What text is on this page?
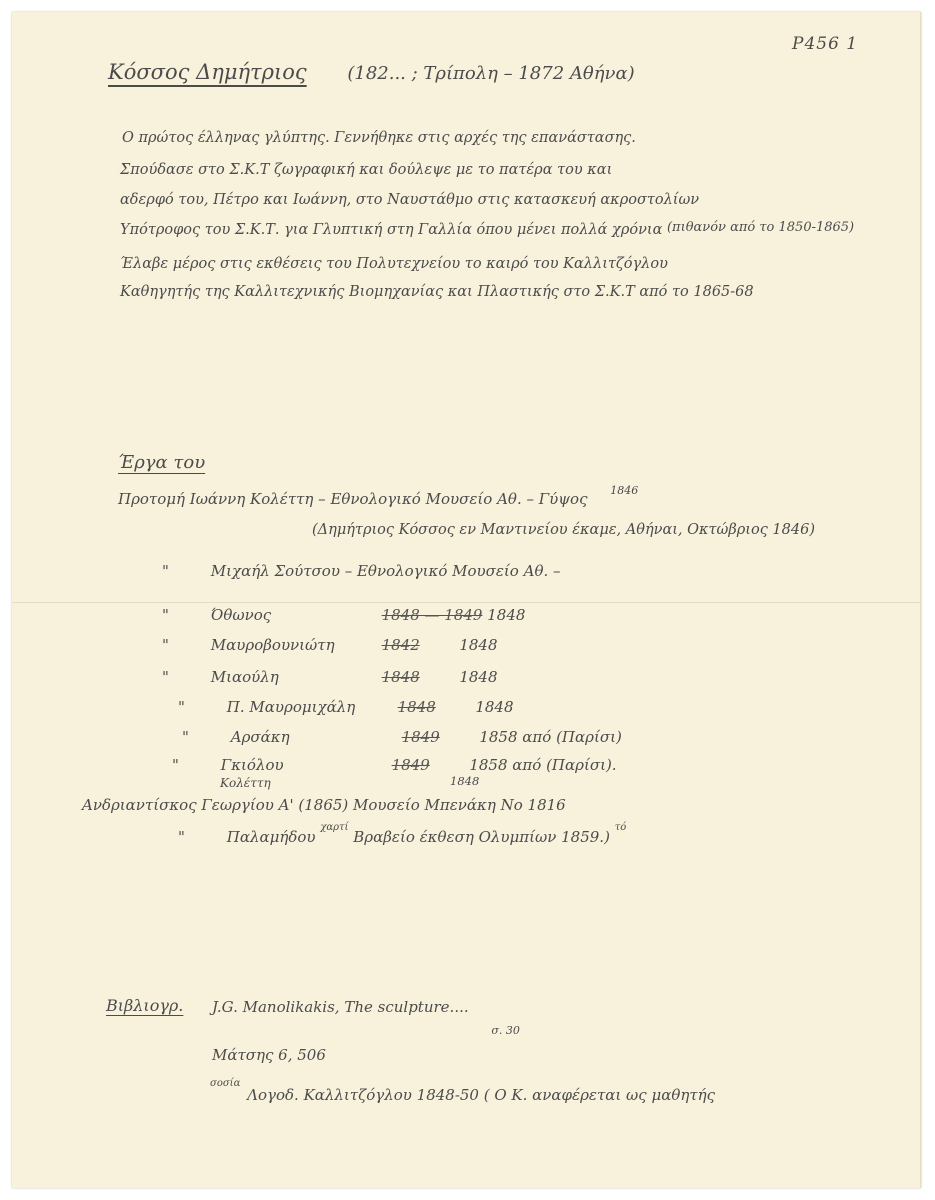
P456 1
Κόσσος Δημήτριος (182... ; Τρίπολη – 1872 Αθήνα)
Ο πρώτος έλληνας γλύπτης. Γεννήθηκε στις αρχές της επανάστασης.
Σπούδασε στο Σ.Κ.Τ ζωγραφική και δούλεψε με το πατέρα του και
αδερφό του, Πέτρο και Ιωάννη, στο Ναυστάθμο στις κατασκευή ακροστολίων
Υπότροφος του Σ.Κ.Τ. για Γλυπτική στη Γαλλία όπου μένει πολλά χρόνια (πιθανόν από το 1850-1865)
Έλαβε μέρος στις εκθέσεις του Πολυτεχνείου το καιρό του Καλλιτζόγλου
Καθηγητής της Καλλιτεχνικής Βιομηχανίας και Πλαστικής στο Σ.Κ.Τ από το 1865-68
Έργα του
Προτομή Ιωάννη Κολέττη – Εθνολογικό Μουσείο Αθ. – Γύψος $^{1846}$
(Δημήτριος Κόσσος εν Μαντινείου έκαμε, Αθήναι, Οκτώβριος 1846)
"	Μιχαήλ Σούτσου – Εθνολογικό Μουσείο Αθ. –
"	Όθωνος	1848 — 1849 1848
"	Μαυροβουνιώτη	1842	1848
"	Μιαούλη	1848	1848
"	Π. Μαυρομιχάλη	1848	1848
"	Αρσάκη	1849	1858 από (Παρίσι)
"	Γκιόλου	1849	1858 από (Παρίσι).
Κολέττη	1848
Ανδριαντίσκος Γεωργίου Α' (1865) Μουσείο Μπενάκη Νο 1816
"	Παλαμήδου $^{\chi\alpha\rho\tau ί}$ Βραβείο έκθεση Ολυμπίων 1859.) $^{\tau ό}$
Βιβλιογρ. J.G. Manolikakis, The sculpture.... $_{\sigma. 30}$
Μάτσης 6, 506
$^{\sigma o\sigma ί\alpha}$ Λογοδ. Καλλιτζόγλου 1848-50 ( Ο Κ. αναφέρεται ως μαθητής
